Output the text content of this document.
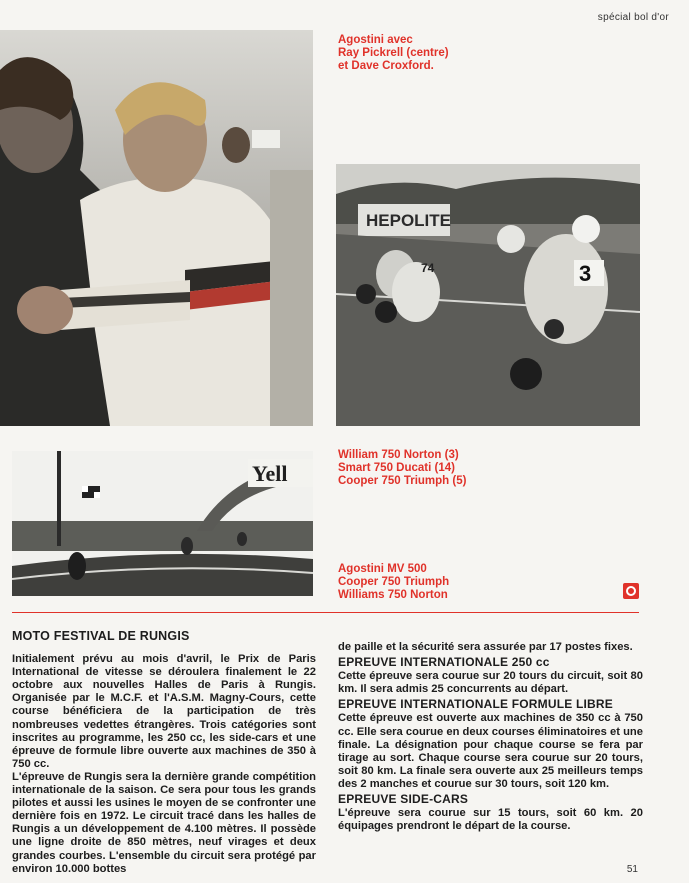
spécial bol d'or
Agostini avec
Ray Pickrell (centre)
et Dave Croxford.
HEPOLITE
74	3
William 750 Norton (3)
Smart 750 Ducati (14)
Cooper 750 Triumph (5)
Yell
Agostini MV 500
Cooper 750 Triumph
Williams 750 Norton
MOTO FESTIVAL DE RUNGIS

Initialement prévu au mois d'avril, le Prix de Paris International de vitesse se déroulera finalement le 22 octobre aux nouvelles Halles de Paris à Rungis. Organisée par le M.C.F. et l'A.S.M. Magny-Cours, cette course bénéficiera de la participation de très nombreuses vedettes étrangères. Trois catégories sont inscrites au programme, les 250 cc, les side-cars et une épreuve de formule libre ouverte aux machines de 350 à 750 cc.

L'épreuve de Rungis sera la dernière grande compétition internationale de la saison. Ce sera pour tous les grands pilotes et aussi les usines le moyen de se confronter une dernière fois en 1972. Le circuit tracé dans les halles de Rungis a un développement de 4.100 mètres. Il possède une ligne droite de 850 mètres, neuf virages et deux grandes courbes. L'ensemble du circuit sera protégé par environ 10.000 bottes

de paille et la sécurité sera assurée par 17 postes fixes.

EPREUVE INTERNATIONALE 250 cc

Cette épreuve sera courue sur 20 tours du circuit, soit 80 km. Il sera admis 25 concurrents au départ.

EPREUVE INTERNATIONALE FORMULE LIBRE

Cette épreuve est ouverte aux machines de 350 cc à 750 cc. Elle sera courue en deux courses éliminatoires et une finale. La désignation pour chaque course se fera par tirage au sort. Chaque course sera courue sur 20 tours, soit 80 km. La finale sera ouverte aux 25 meilleurs temps des 2 manches et courue sur 30 tours, soit 120 km.

EPREUVE SIDE-CARS

L'épreuve sera courue sur 15 tours, soit 60 km. 20 équipages prendront le départ de la course.

51
